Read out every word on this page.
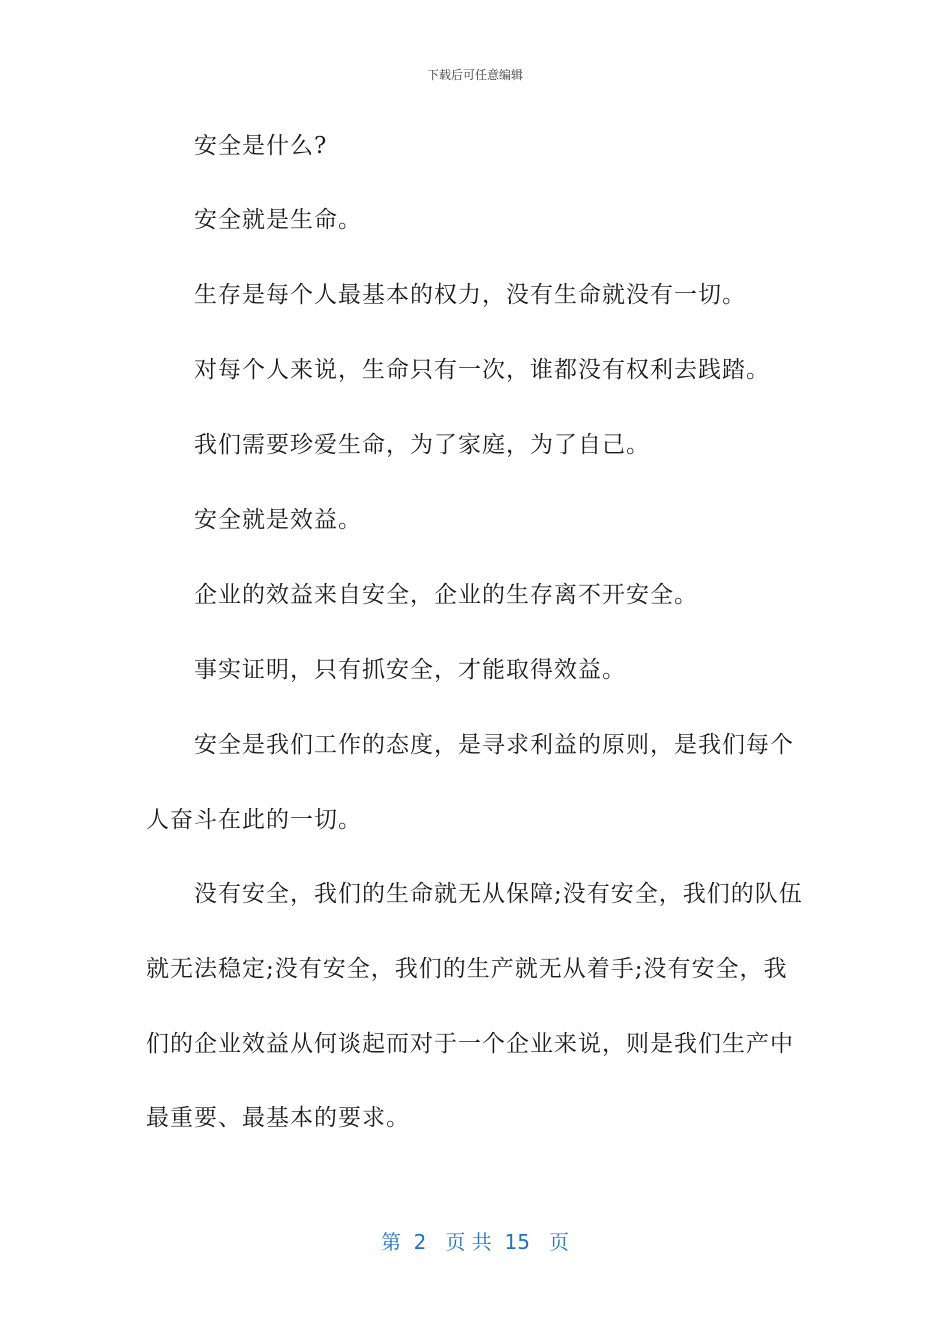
下载后可任意编辑
安全是什么?
安全就是生命。
生存是每个人最基本的权力，没有生命就没有一切。
对每个人来说，生命只有一次，谁都没有权利去践踏。
我们需要珍爱生命，为了家庭，为了自己。
安全就是效益。
企业的效益来自安全，企业的生存离不开安全。
事实证明，只有抓安全，才能取得效益。
安全是我们工作的态度，是寻求利益的原则，是我们每个
人奋斗在此的一切。
没有安全，我们的生命就无从保障;没有安全，我们的队伍
就无法稳定;没有安全，我们的生产就无从着手;没有安全，我
们的企业效益从何谈起而对于一个企业来说，则是我们生产中
最重要、最基本的要求。
第  2   页 共  15   页
